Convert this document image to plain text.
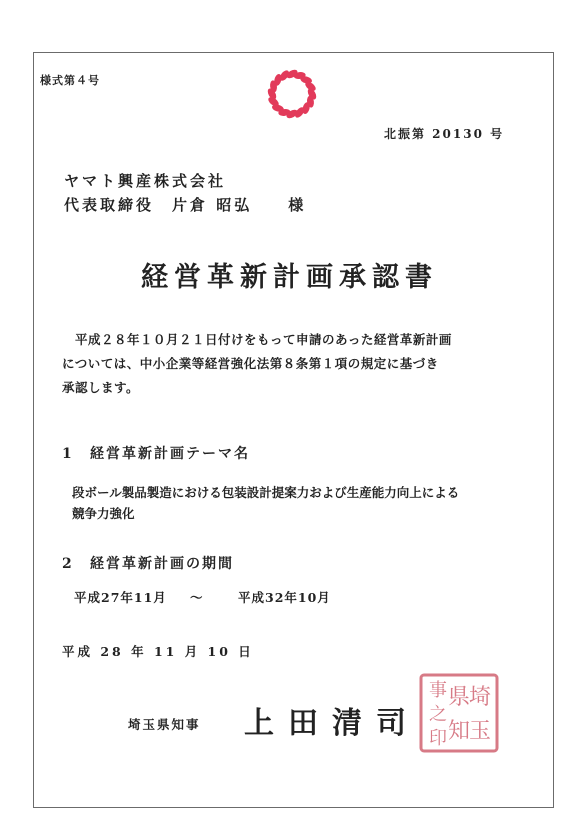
様式第４号
北振第 20130 号
ヤマト興産株式会社
代表取締役　片倉 昭弘　　様
経営革新計画承認書
平成２８年１０月２１日付けをもって申請のあった経営革新計画
については、中小企業等経営強化法第８条第１項の規定に基づき
承認します。
1 経営革新計画テーマ名
段ボール製品製造における包装設計提案力および生産能力向上による
競争力強化
2 経営革新計画の期間
平成27年11月 ～	平成32年10月
平成 28 年 11 月 10 日
埼玉県知事 上田清司
埼
玉
県
知
事
之
印
